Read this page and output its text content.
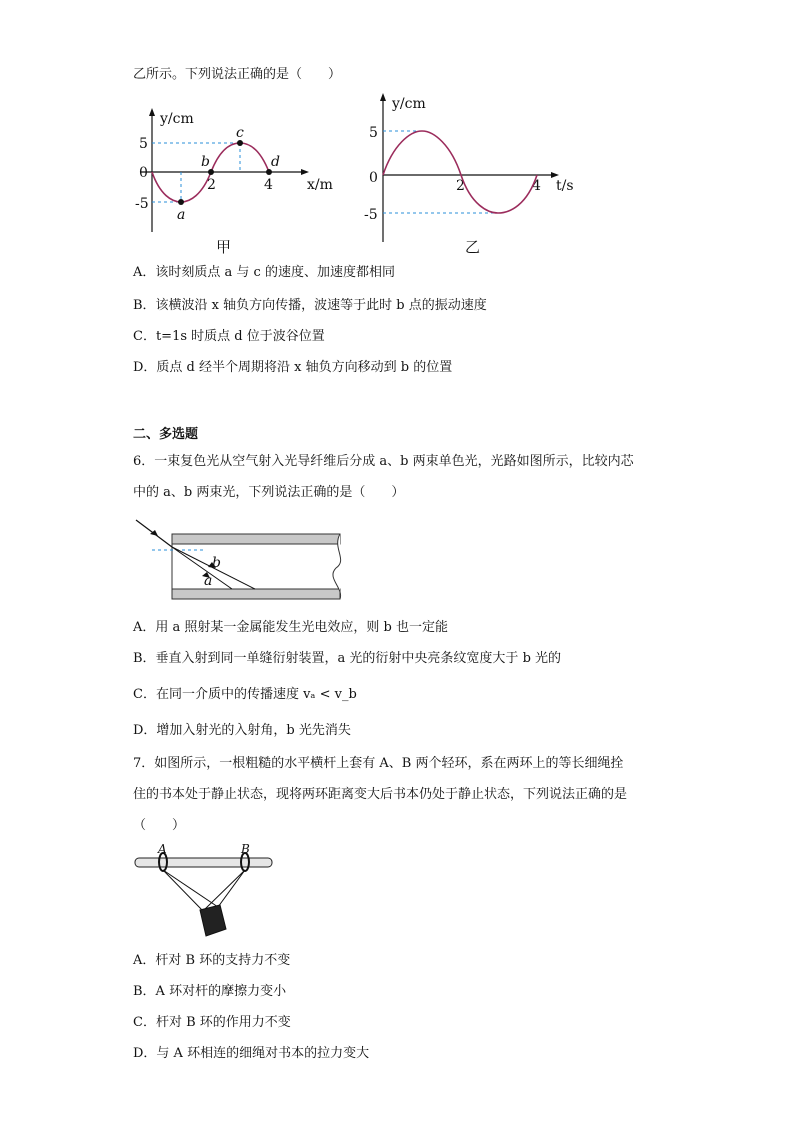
乙所示。下列说法正确的是（　　）
y/cm
x/m
5
0
-5
2	4
a
b
c
d
甲
y/cm
t/s
5
0
-5
2	4
乙
A．该时刻质点 a 与 c 的速度、加速度都相同
B．该横波沿 x 轴负方向传播，波速等于此时 b 点的振动速度
C．t=1s 时质点 d 位于波谷位置
D．质点 d 经半个周期将沿 x 轴负方向移动到 b 的位置
二、多选题
6．一束复色光从空气射入光导纤维后分成 a、b 两束单色光，光路如图所示，比较内芯
中的 a、b 两束光，下列说法正确的是（　　）
b
a
A．用 a 照射某一金属能发生光电效应，则 b 也一定能
B．垂直入射到同一单缝衍射装置，a 光的衍射中央亮条纹宽度大于 b 光的
C．在同一介质中的传播速度 vₐ < v_b
D．增加入射光的入射角，b 光先消失
7．如图所示，一根粗糙的水平横杆上套有 A、B 两个轻环，系在两环上的等长细绳拴
住的书本处于静止状态，现将两环距离变大后书本仍处于静止状态，下列说法正确的是
（　　）
A	B
A．杆对 B 环的支持力不变
B．A 环对杆的摩擦力变小
C．杆对 B 环的作用力不变
D．与 A 环相连的细绳对书本的拉力变大
